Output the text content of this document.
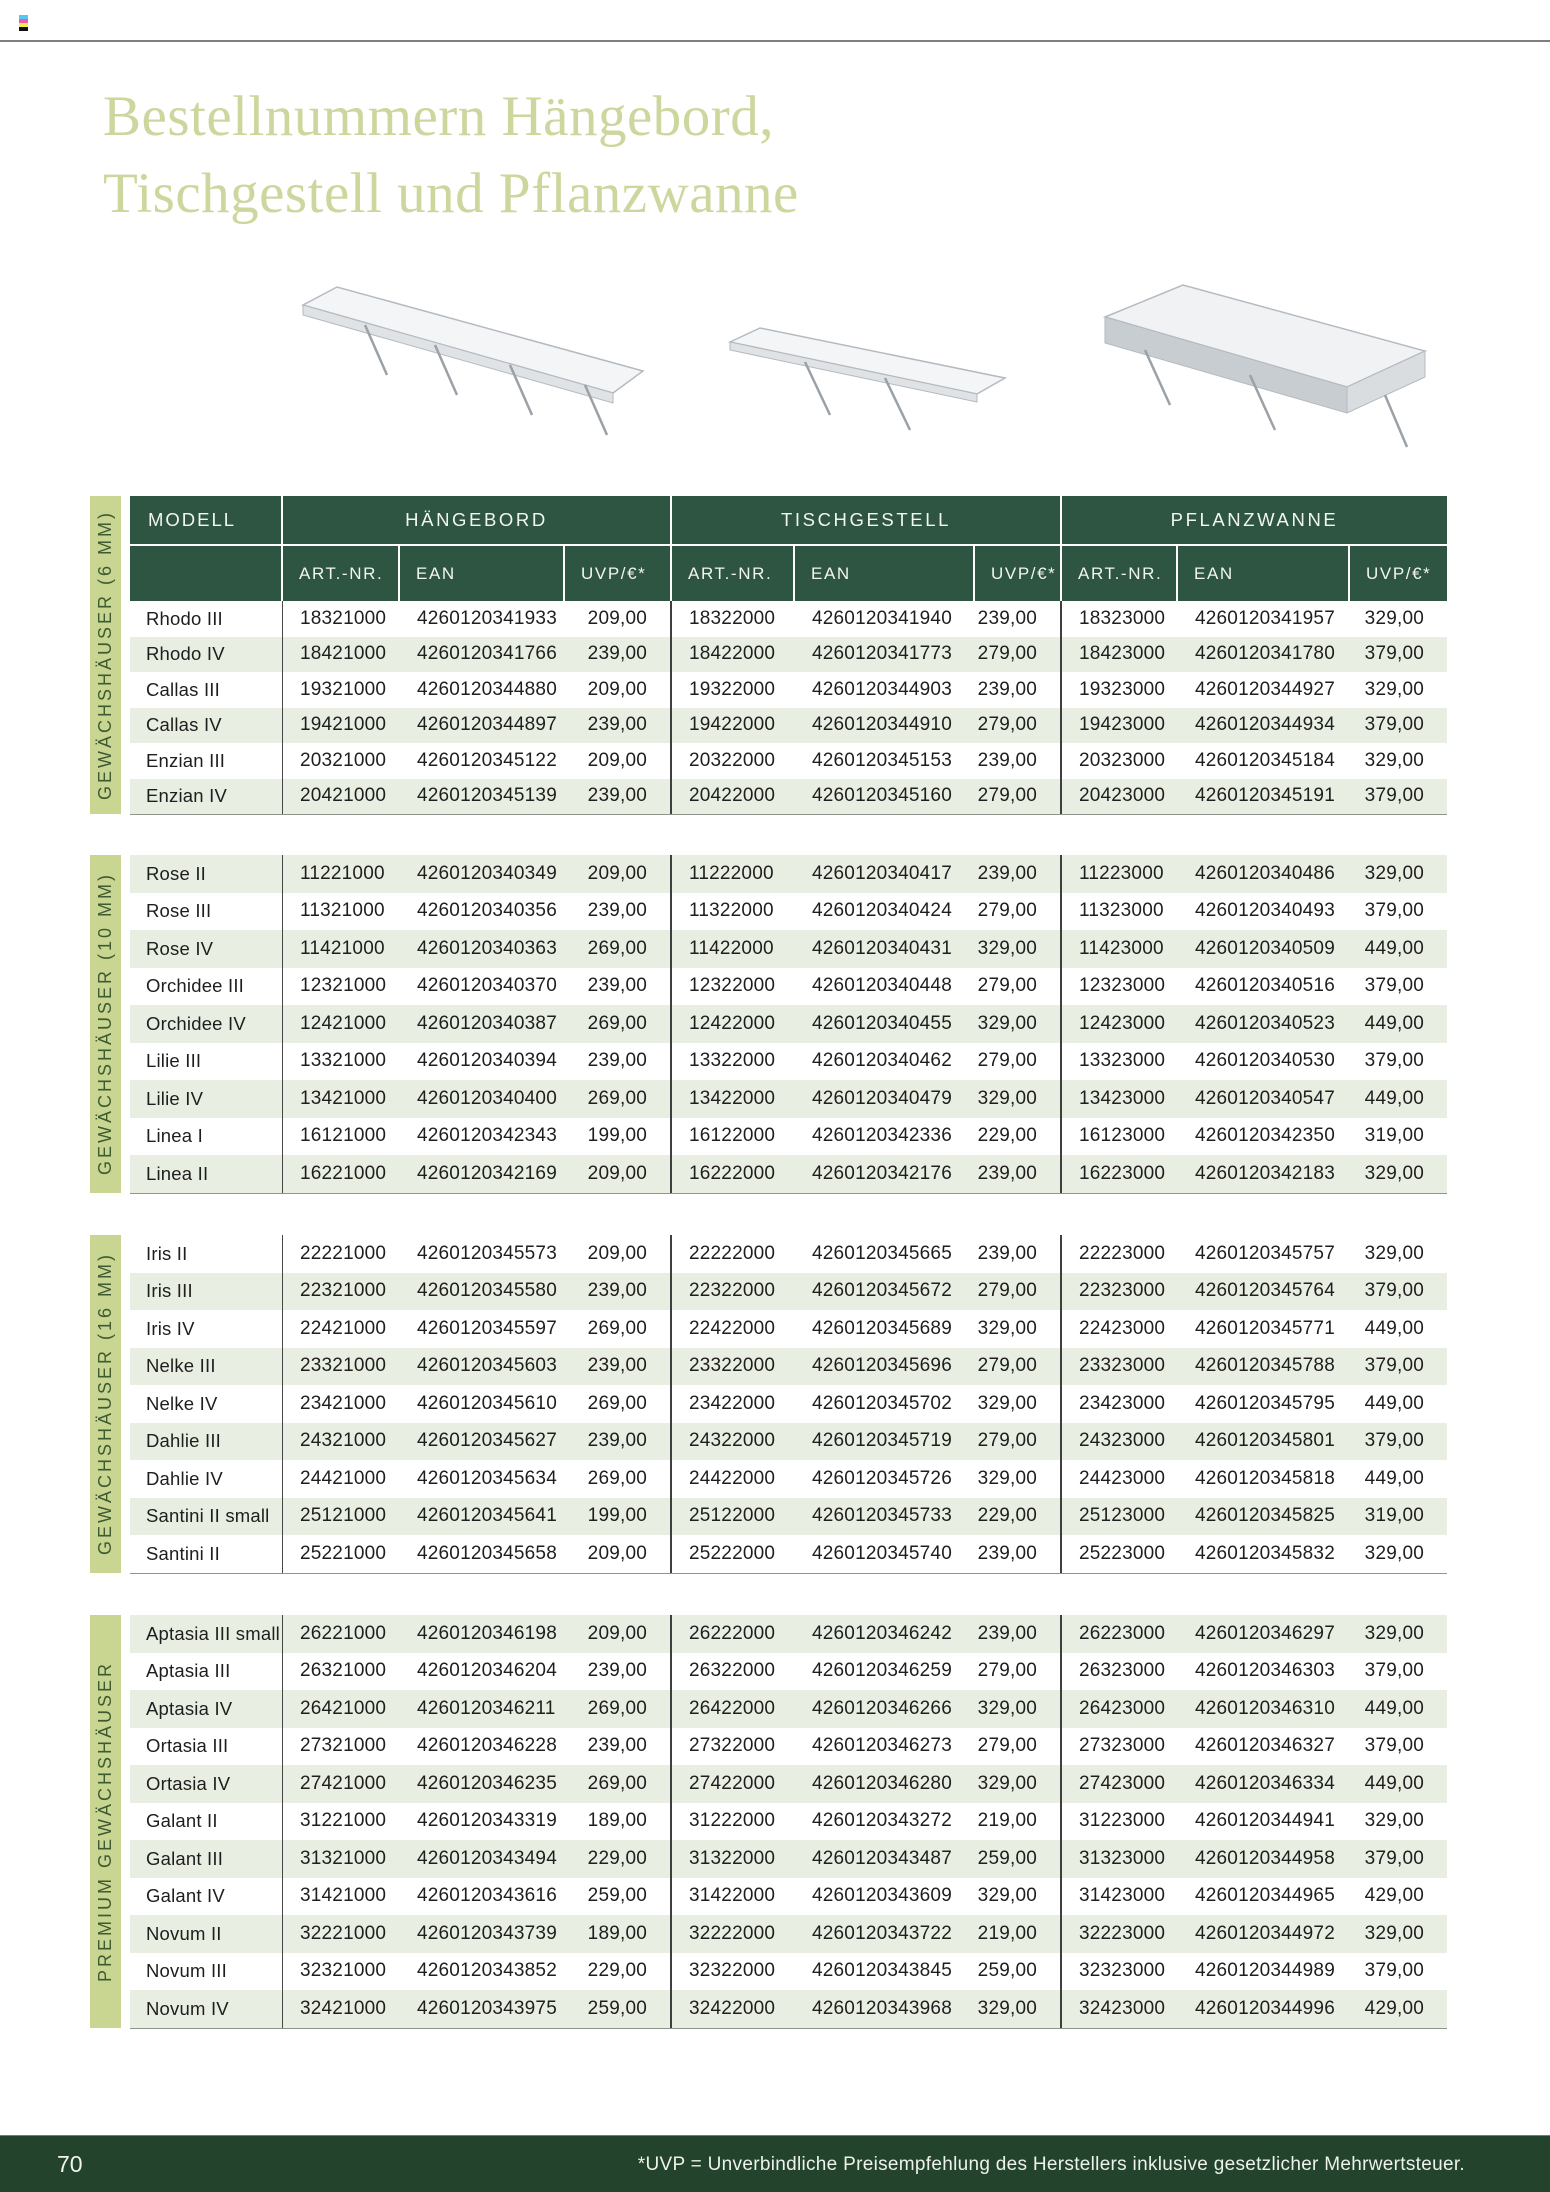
Bestellnummern Hängebord,
Tischgestell und Pflanzwanne
MODELL	HÄNGEBORD	TISCHGESTELL	PFLANZWANNE
ART.-NR.	EAN	UVP/€*	ART.-NR.	EAN	UVP/€*	ART.-NR.	EAN	UVP/€*
GEWÄCHSHÄUSER (6 MM)
GEWÄCHSHÄUSER (10 MM)
GEWÄCHSHÄUSER (16 MM)
PREMIUM GEWÄCHSHÄUSER
Rhodo III	18321000	4260120341933	209,00	18322000	4260120341940	239,00	18323000	4260120341957	329,00
Rhodo IV	18421000	4260120341766	239,00	18422000	4260120341773	279,00	18423000	4260120341780	379,00
Callas III	19321000	4260120344880	209,00	19322000	4260120344903	239,00	19323000	4260120344927	329,00
Callas IV	19421000	4260120344897	239,00	19422000	4260120344910	279,00	19423000	4260120344934	379,00
Enzian III	20321000	4260120345122	209,00	20322000	4260120345153	239,00	20323000	4260120345184	329,00
Enzian IV	20421000	4260120345139	239,00	20422000	4260120345160	279,00	20423000	4260120345191	379,00
Rose II	11221000	4260120340349	209,00	11222000	4260120340417	239,00	11223000	4260120340486	329,00
Rose III	11321000	4260120340356	239,00	11322000	4260120340424	279,00	11323000	4260120340493	379,00
Rose IV	11421000	4260120340363	269,00	11422000	4260120340431	329,00	11423000	4260120340509	449,00
Orchidee III	12321000	4260120340370	239,00	12322000	4260120340448	279,00	12323000	4260120340516	379,00
Orchidee IV	12421000	4260120340387	269,00	12422000	4260120340455	329,00	12423000	4260120340523	449,00
Lilie III	13321000	4260120340394	239,00	13322000	4260120340462	279,00	13323000	4260120340530	379,00
Lilie IV	13421000	4260120340400	269,00	13422000	4260120340479	329,00	13423000	4260120340547	449,00
Linea I	16121000	4260120342343	199,00	16122000	4260120342336	229,00	16123000	4260120342350	319,00
Linea II	16221000	4260120342169	209,00	16222000	4260120342176	239,00	16223000	4260120342183	329,00
Iris II	22221000	4260120345573	209,00	22222000	4260120345665	239,00	22223000	4260120345757	329,00
Iris III	22321000	4260120345580	239,00	22322000	4260120345672	279,00	22323000	4260120345764	379,00
Iris IV	22421000	4260120345597	269,00	22422000	4260120345689	329,00	22423000	4260120345771	449,00
Nelke III	23321000	4260120345603	239,00	23322000	4260120345696	279,00	23323000	4260120345788	379,00
Nelke IV	23421000	4260120345610	269,00	23422000	4260120345702	329,00	23423000	4260120345795	449,00
Dahlie III	24321000	4260120345627	239,00	24322000	4260120345719	279,00	24323000	4260120345801	379,00
Dahlie IV	24421000	4260120345634	269,00	24422000	4260120345726	329,00	24423000	4260120345818	449,00
Santini II small	25121000	4260120345641	199,00	25122000	4260120345733	229,00	25123000	4260120345825	319,00
Santini II	25221000	4260120345658	209,00	25222000	4260120345740	239,00	25223000	4260120345832	329,00
Aptasia III small	26221000	4260120346198	209,00	26222000	4260120346242	239,00	26223000	4260120346297	329,00
Aptasia III	26321000	4260120346204	239,00	26322000	4260120346259	279,00	26323000	4260120346303	379,00
Aptasia IV	26421000	4260120346211	269,00	26422000	4260120346266	329,00	26423000	4260120346310	449,00
Ortasia III	27321000	4260120346228	239,00	27322000	4260120346273	279,00	27323000	4260120346327	379,00
Ortasia IV	27421000	4260120346235	269,00	27422000	4260120346280	329,00	27423000	4260120346334	449,00
Galant II	31221000	4260120343319	189,00	31222000	4260120343272	219,00	31223000	4260120344941	329,00
Galant III	31321000	4260120343494	229,00	31322000	4260120343487	259,00	31323000	4260120344958	379,00
Galant IV	31421000	4260120343616	259,00	31422000	4260120343609	329,00	31423000	4260120344965	429,00
Novum II	32221000	4260120343739	189,00	32222000	4260120343722	219,00	32223000	4260120344972	329,00
Novum III	32321000	4260120343852	229,00	32322000	4260120343845	259,00	32323000	4260120344989	379,00
Novum IV	32421000	4260120343975	259,00	32422000	4260120343968	329,00	32423000	4260120344996	429,00
70	*UVP = Unverbindliche Preisempfehlung des Herstellers inklusive gesetzlicher Mehrwertsteuer.
